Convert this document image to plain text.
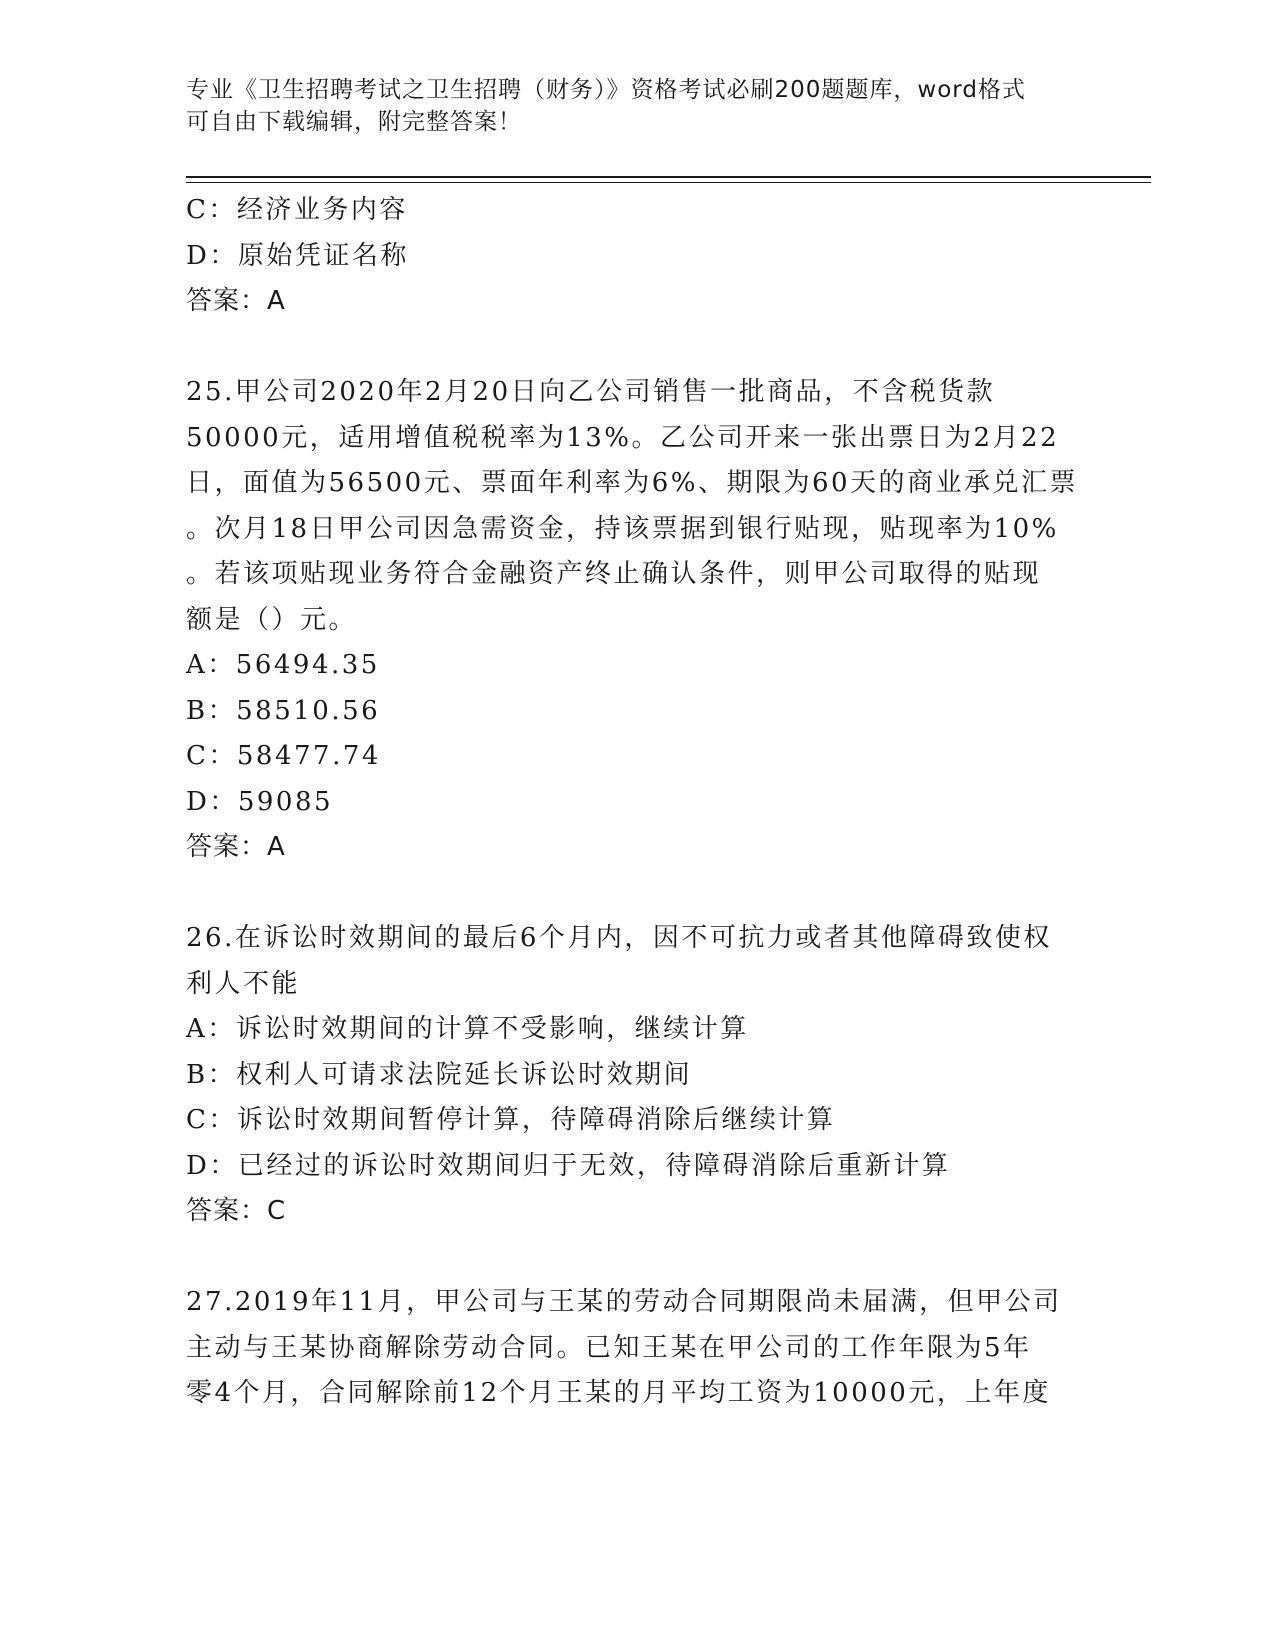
专业《卫生招聘考试之卫生招聘（财务）》资格考试必刷200题题库，word格式
可自由下载编辑，附完整答案！
C：经济业务内容
D：原始凭证名称
答案：A
25.甲公司2020年2月20日向乙公司销售一批商品，不含税货款
50000元，适用增值税税率为13%。乙公司开来一张出票日为2月22
日，面值为56500元、票面年利率为6%、期限为60天的商业承兑汇票
。次月18日甲公司因急需资金，持该票据到银行贴现，贴现率为10%
。若该项贴现业务符合金融资产终止确认条件，则甲公司取得的贴现
额是（）元。
A：56494.35
B：58510.56
C：58477.74
D：59085
答案：A
26.在诉讼时效期间的最后6个月内，因不可抗力或者其他障碍致使权
利人不能
A：诉讼时效期间的计算不受影响，继续计算
B：权利人可请求法院延长诉讼时效期间
C：诉讼时效期间暂停计算，待障碍消除后继续计算
D：已经过的诉讼时效期间归于无效，待障碍消除后重新计算
答案：C
27.2019年11月，甲公司与王某的劳动合同期限尚未届满，但甲公司
主动与王某协商解除劳动合同。已知王某在甲公司的工作年限为5年
零4个月，合同解除前12个月王某的月平均工资为10000元，上年度
